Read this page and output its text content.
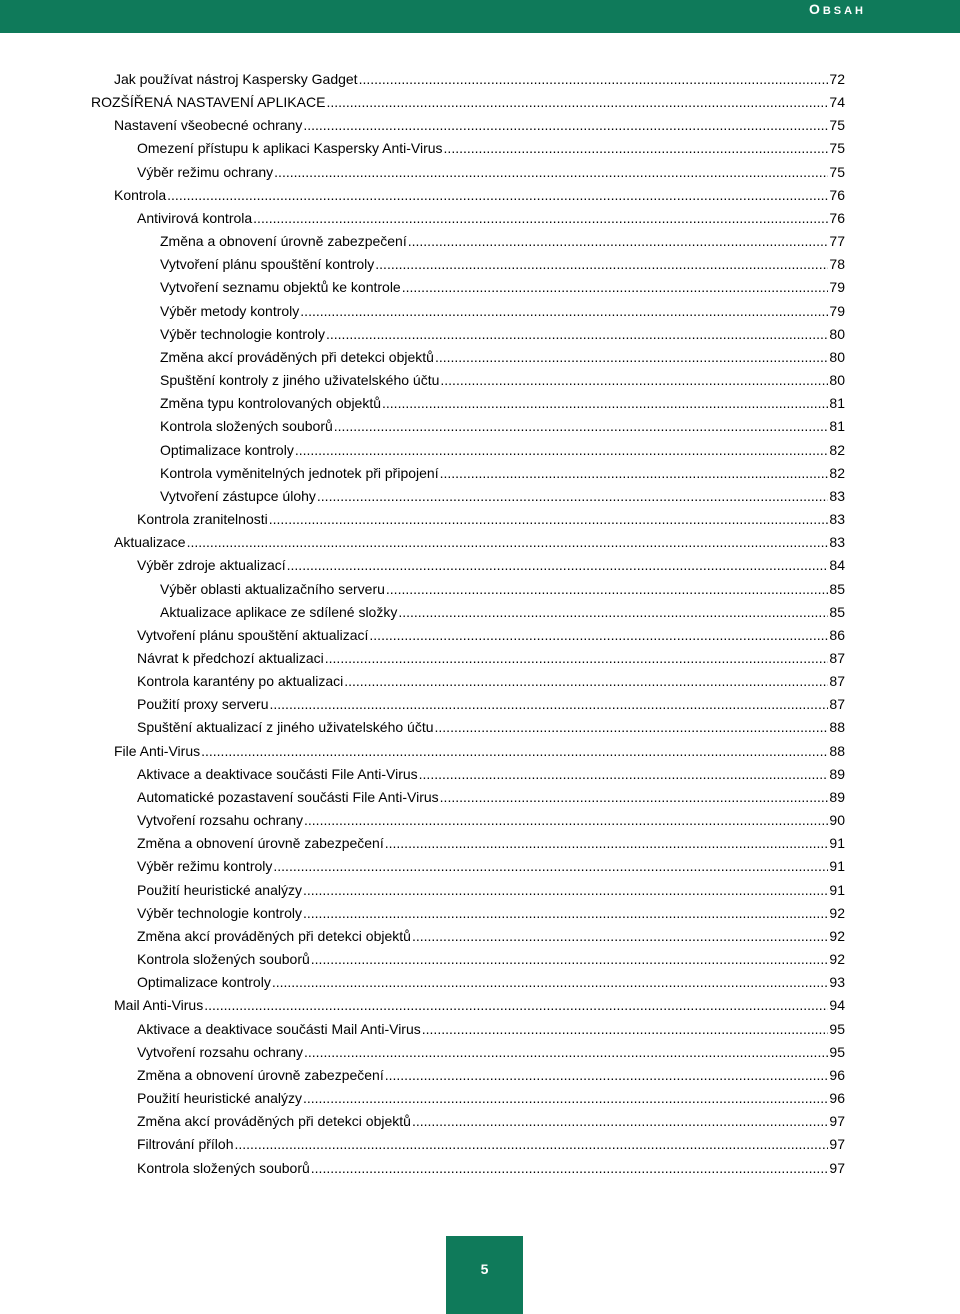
OBSAH
Jak používat nástroj Kaspersky Gadget .....	72
ROZŠÍŘENÁ NASTAVENÍ APLIKACE .....	74
Nastavení všeobecné ochrany .....	75
Omezení přístupu k aplikaci Kaspersky Anti-Virus .....	75
Výběr režimu ochrany .....	75
Kontrola .....	76
Antivirová kontrola .....	76
Změna a obnovení úrovně zabezpečení .....	77
Vytvoření plánu spouštění kontroly .....	78
Vytvoření seznamu objektů ke kontrole .....	79
Výběr metody kontroly .....	79
Výběr technologie kontroly .....	80
Změna akcí prováděných při detekci objektů .....	80
Spuštění kontroly z jiného uživatelského účtu .....	80
Změna typu kontrolovaných objektů .....	81
Kontrola složených souborů .....	81
Optimalizace kontroly .....	82
Kontrola vyměnitelných jednotek při připojení .....	82
Vytvoření zástupce úlohy .....	83
Kontrola zranitelnosti .....	83
Aktualizace .....	83
Výběr zdroje aktualizací .....	84
Výběr oblasti aktualizačního serveru .....	85
Aktualizace aplikace ze sdílené složky .....	85
Vytvoření plánu spouštění aktualizací .....	86
Návrat k předchozí aktualizaci .....	87
Kontrola karantény po aktualizaci .....	87
Použití proxy serveru .....	87
Spuštění aktualizací z jiného uživatelského účtu .....	88
File Anti-Virus .....	88
Aktivace a deaktivace součásti File Anti-Virus .....	89
Automatické pozastavení součásti File Anti-Virus .....	89
Vytvoření rozsahu ochrany .....	90
Změna a obnovení úrovně zabezpečení .....	91
Výběr režimu kontroly .....	91
Použití heuristické analýzy .....	91
Výběr technologie kontroly .....	92
Změna akcí prováděných při detekci objektů .....	92
Kontrola složených souborů .....	92
Optimalizace kontroly .....	93
Mail Anti-Virus .....	94
Aktivace a deaktivace součásti Mail Anti-Virus .....	95
Vytvoření rozsahu ochrany .....	95
Změna a obnovení úrovně zabezpečení .....	96
Použití heuristické analýzy .....	96
Změna akcí prováděných při detekci objektů .....	97
Filtrování příloh .....	97
Kontrola složených souborů .....	97
5
